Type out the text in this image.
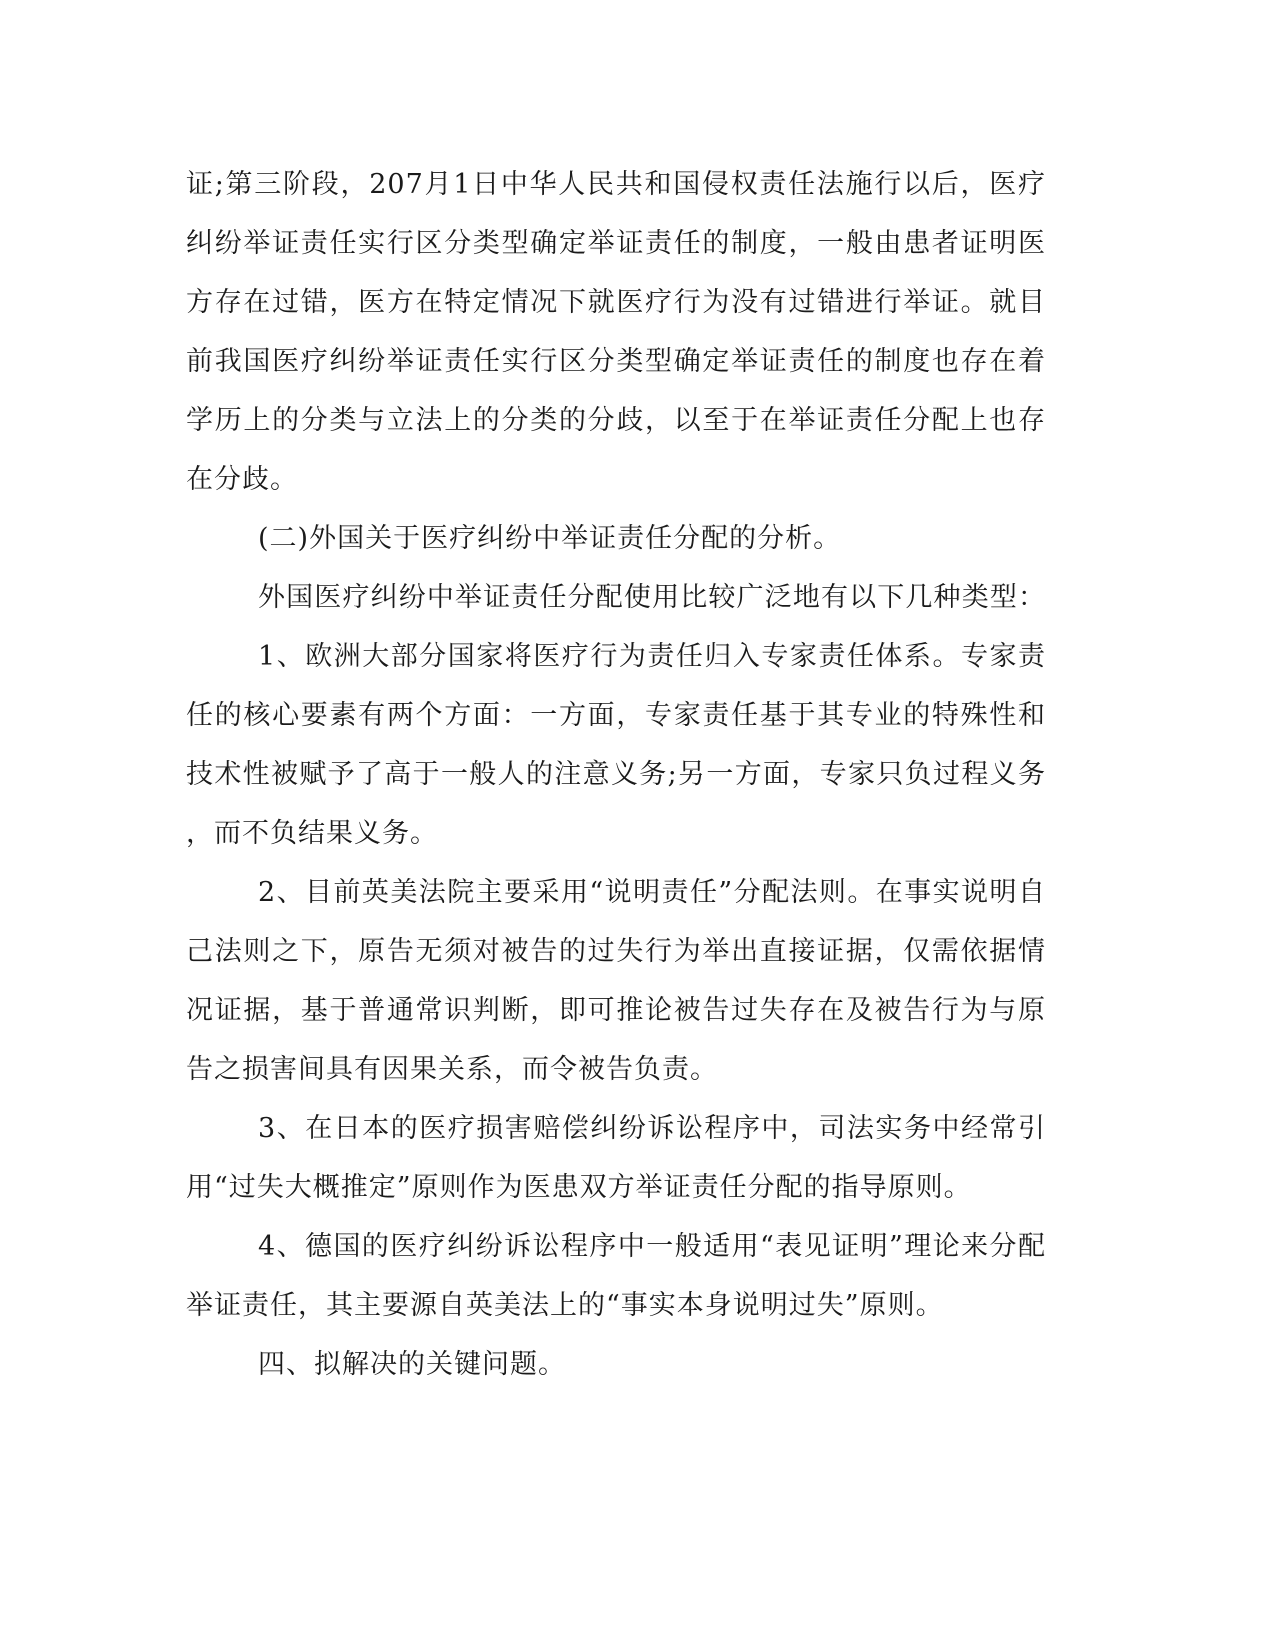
证;第三阶段，207月1日中华人民共和国侵权责任法施行以后，医疗
纠纷举证责任实行区分类型确定举证责任的制度，一般由患者证明医
方存在过错，医方在特定情况下就医疗行为没有过错进行举证。就目
前我国医疗纠纷举证责任实行区分类型确定举证责任的制度也存在着
学历上的分类与立法上的分类的分歧，以至于在举证责任分配上也存
在分歧。
(二)外国关于医疗纠纷中举证责任分配的分析。
外国医疗纠纷中举证责任分配使用比较广泛地有以下几种类型：
1、欧洲大部分国家将医疗行为责任归入专家责任体系。专家责
任的核心要素有两个方面：一方面，专家责任基于其专业的特殊性和
技术性被赋予了高于一般人的注意义务;另一方面，专家只负过程义务
，而不负结果义务。
2、目前英美法院主要采用“说明责任”分配法则。在事实说明自
己法则之下，原告无须对被告的过失行为举出直接证据，仅需依据情
况证据，基于普通常识判断，即可推论被告过失存在及被告行为与原
告之损害间具有因果关系，而令被告负责。
3、在日本的医疗损害赔偿纠纷诉讼程序中，司法实务中经常引
用“过失大概推定”原则作为医患双方举证责任分配的指导原则。
4、德国的医疗纠纷诉讼程序中一般适用“表见证明”理论来分配
举证责任，其主要源自英美法上的“事实本身说明过失”原则。
四、拟解决的关键问题。
